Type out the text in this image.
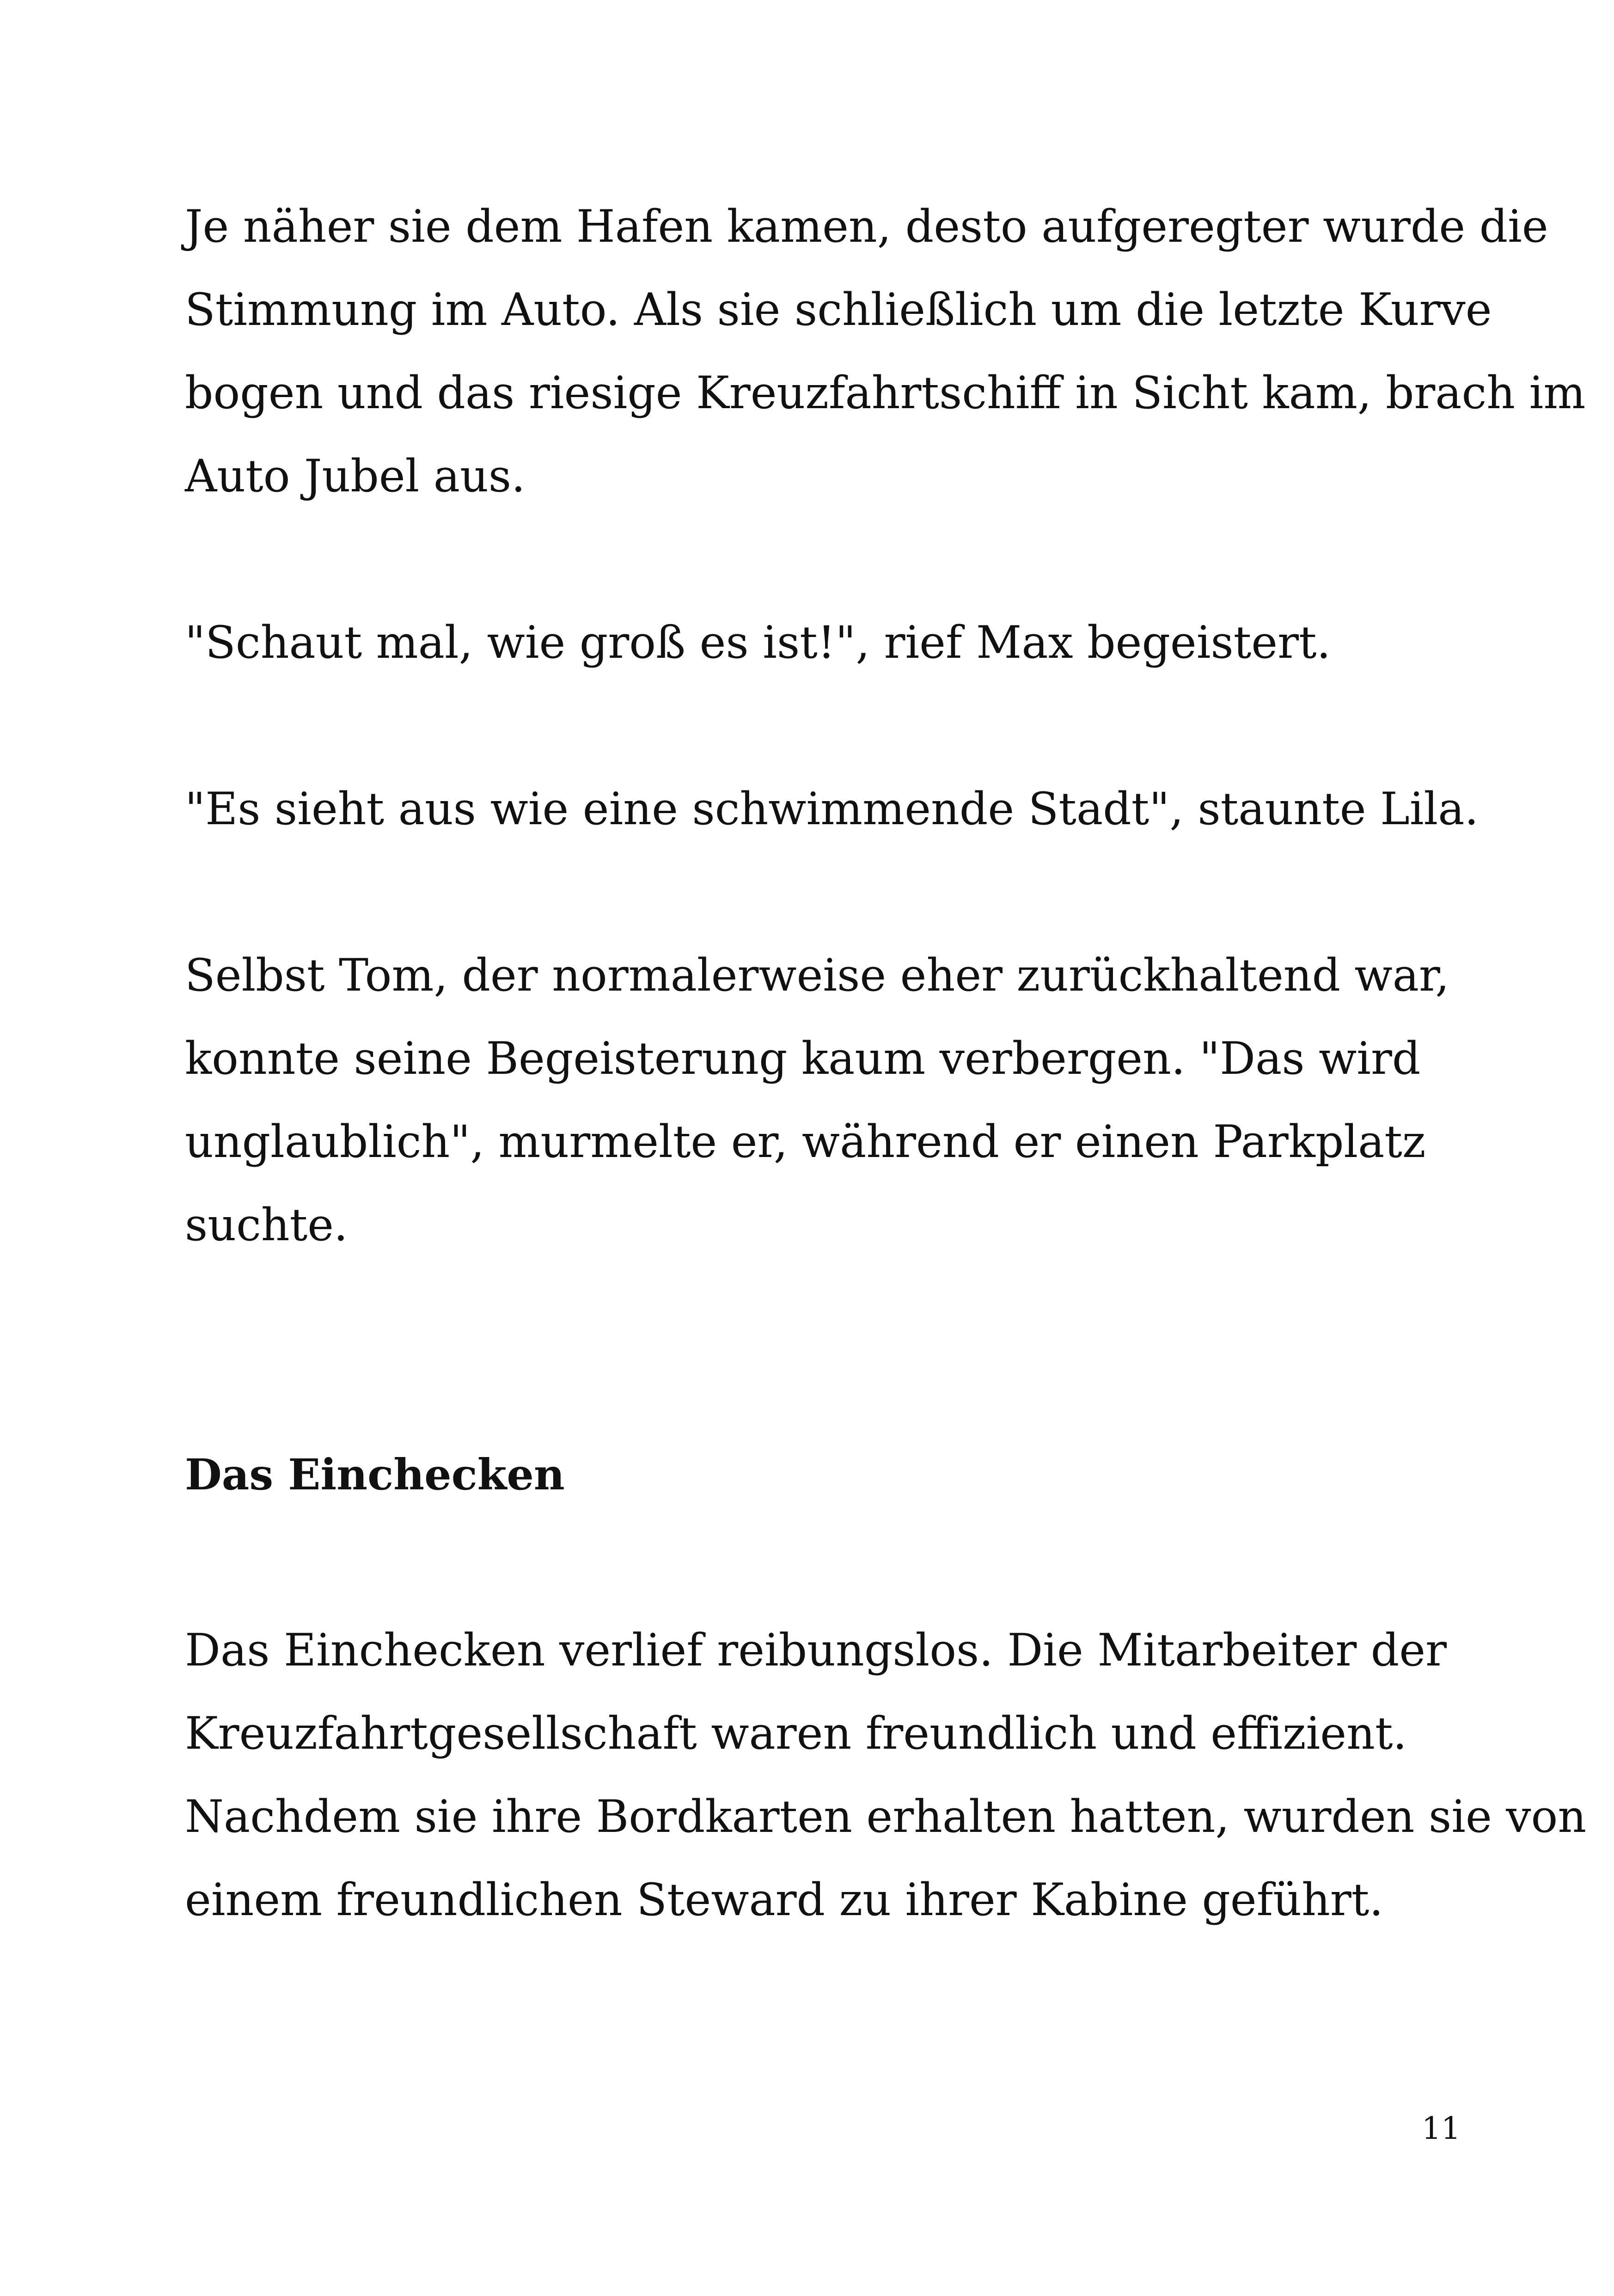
Je näher sie dem Hafen kamen, desto aufgeregter wurde die

Stimmung im Auto. Als sie schließlich um die letzte Kurve

bogen und das riesige Kreuzfahrtschiff in Sicht kam, brach im

Auto Jubel aus.

"Schaut mal, wie groß es ist!", rief Max begeistert.

"Es sieht aus wie eine schwimmende Stadt", staunte Lila.

Selbst Tom, der normalerweise eher zurückhaltend war,

konnte seine Begeisterung kaum verbergen. "Das wird

unglaublich", murmelte er, während er einen Parkplatz

suchte.

Das Einchecken

Das Einchecken verlief reibungslos. Die Mitarbeiter der

Kreuzfahrtgesellschaft waren freundlich und effizient.

Nachdem sie ihre Bordkarten erhalten hatten, wurden sie von

einem freundlichen Steward zu ihrer Kabine geführt.

11
